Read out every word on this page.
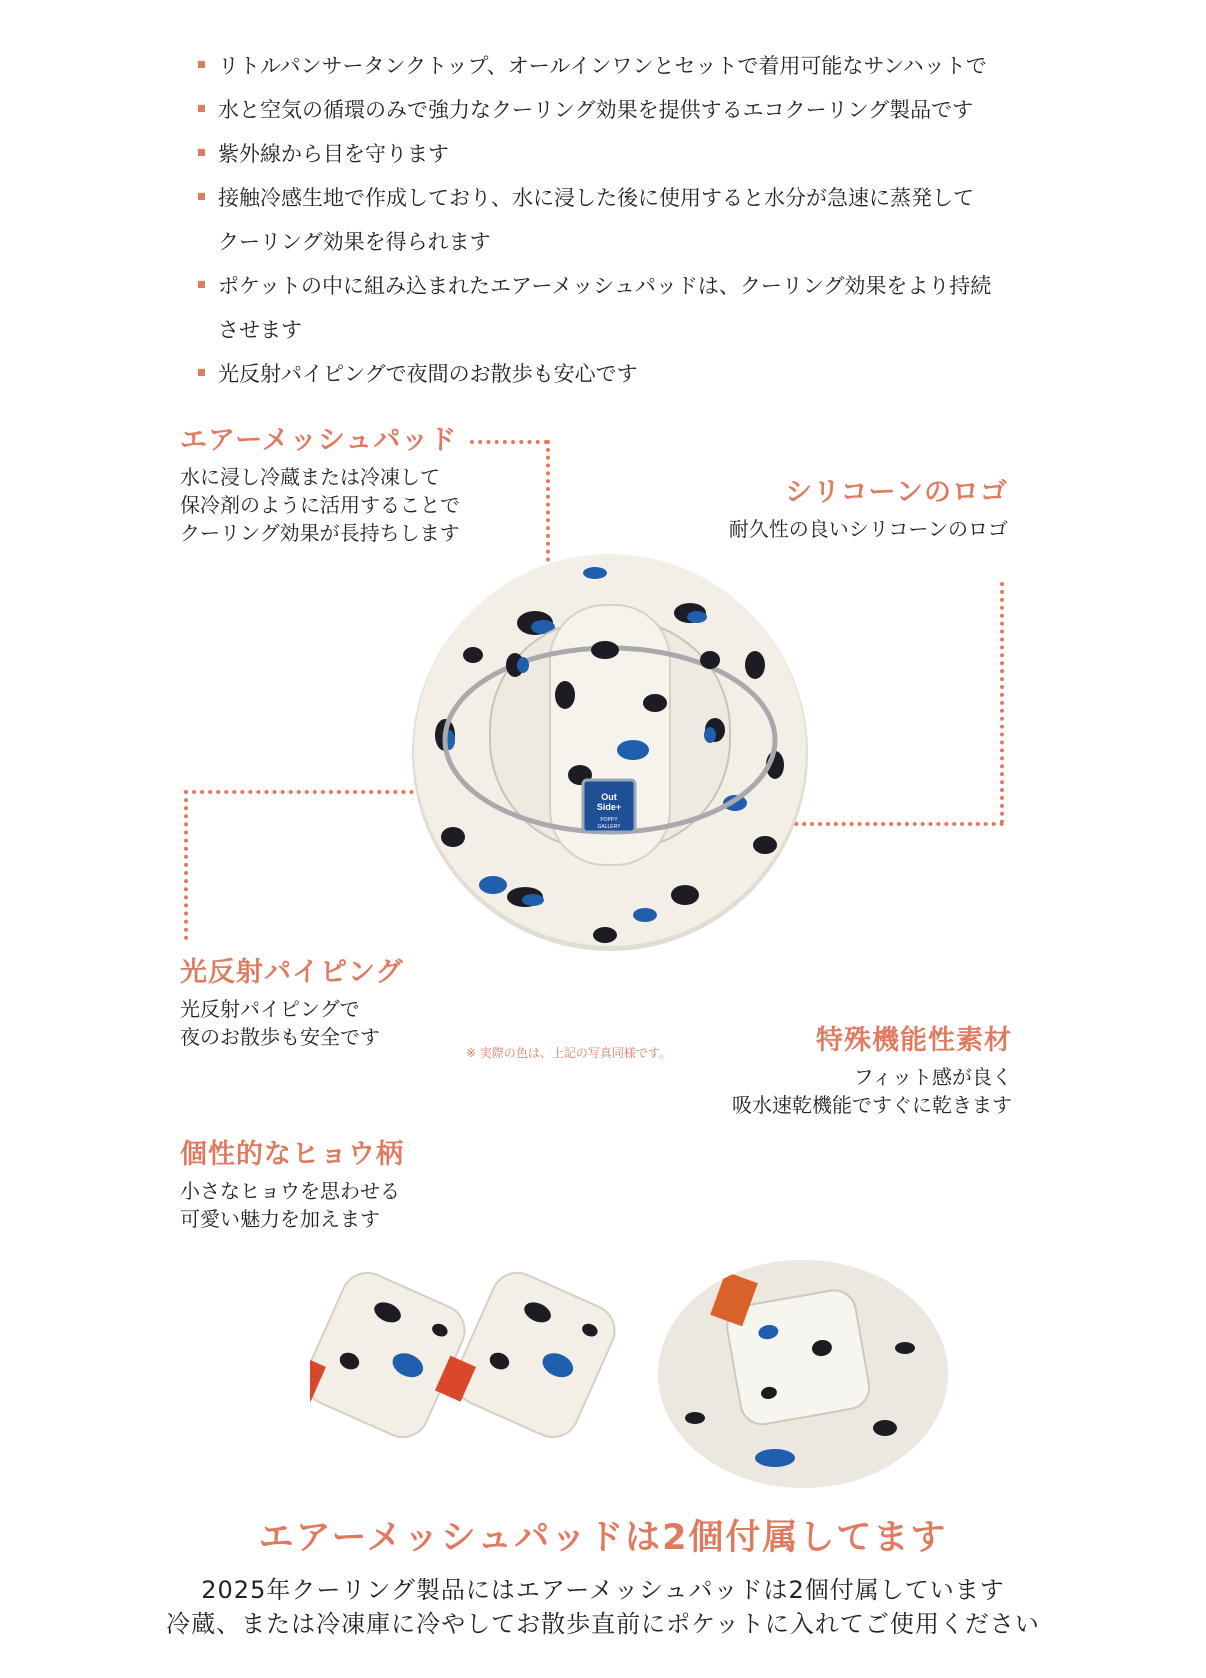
リトルパンサータンクトップ、オールインワンとセットで着用可能なサンハットで
水と空気の循環のみで強力なクーリング効果を提供するエコクーリング製品です
紫外線から目を守ります
接触冷感生地で作成しており、水に浸した後に使用すると水分が急速に蒸発して
クーリング効果を得られます
ポケットの中に組み込まれたエアーメッシュパッドは、クーリング効果をより持続
させます
光反射パイピングで夜間のお散歩も安心です
エアーメッシュパッド
水に浸し冷蔵または冷凍して
保冷剤のように活用することで
クーリング効果が長持ちします
シリコーンのロゴ
耐久性の良いシリコーンのロゴ
Out
Side+
POPPY
GALLERY
光反射パイピング
光反射パイピングで
夜のお散歩も安全です
※ 実際の色は、上記の写真同様です。	特殊機能性素材
フィット感が良く
吸水速乾機能ですぐに乾きます
個性的なヒョウ柄
小さなヒョウを思わせる
可愛い魅力を加えます
エアーメッシュパッドは2個付属してます
2025年クーリング製品にはエアーメッシュパッドは2個付属しています
冷蔵、または冷凍庫に冷やしてお散歩直前にポケットに入れてご使用ください
